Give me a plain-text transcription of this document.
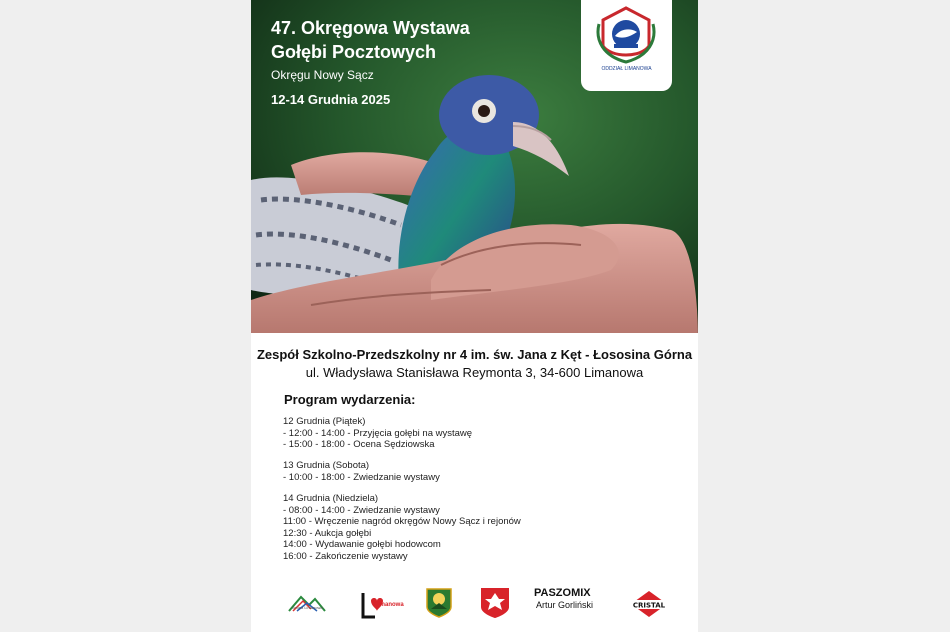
47. Okręgowa Wystawa
Gołębi Pocztowych
Okręgu Nowy Sącz
12-14 Grudnia 2025
ODDZIAŁ LIMANOWA
Zespół Szkolno-Przedszkolny nr 4 im. św. Jana z Kęt - Łososina Górna
ul. Władysława Stanisława Reymonta 3, 34-600 Limanowa
Program wydarzenia:
12 Grudnia (Piątek)
- 12:00 - 14:00 - Przyjęcia gołębi na wystawę
- 15:00 - 18:00 - Ocena Sędziowska
13 Grudnia (Sobota)
- 10:00 - 18:00 - Zwiedzanie wystawy
14 Grudnia (Niedziela)
- 08:00 - 14:00 - Zwiedzanie wystawy
11:00 - Wręczenie nagród okręgów Nowy Sącz i rejonów
12:30 - Aukcja gołębi
14:00 - Wydawanie gołębi hodowcom
16:00 - Zakończenie wystawy
Gmina Limanowa	Limanowa
PASZOMIX
Artur Gorliński	CRISTAL
